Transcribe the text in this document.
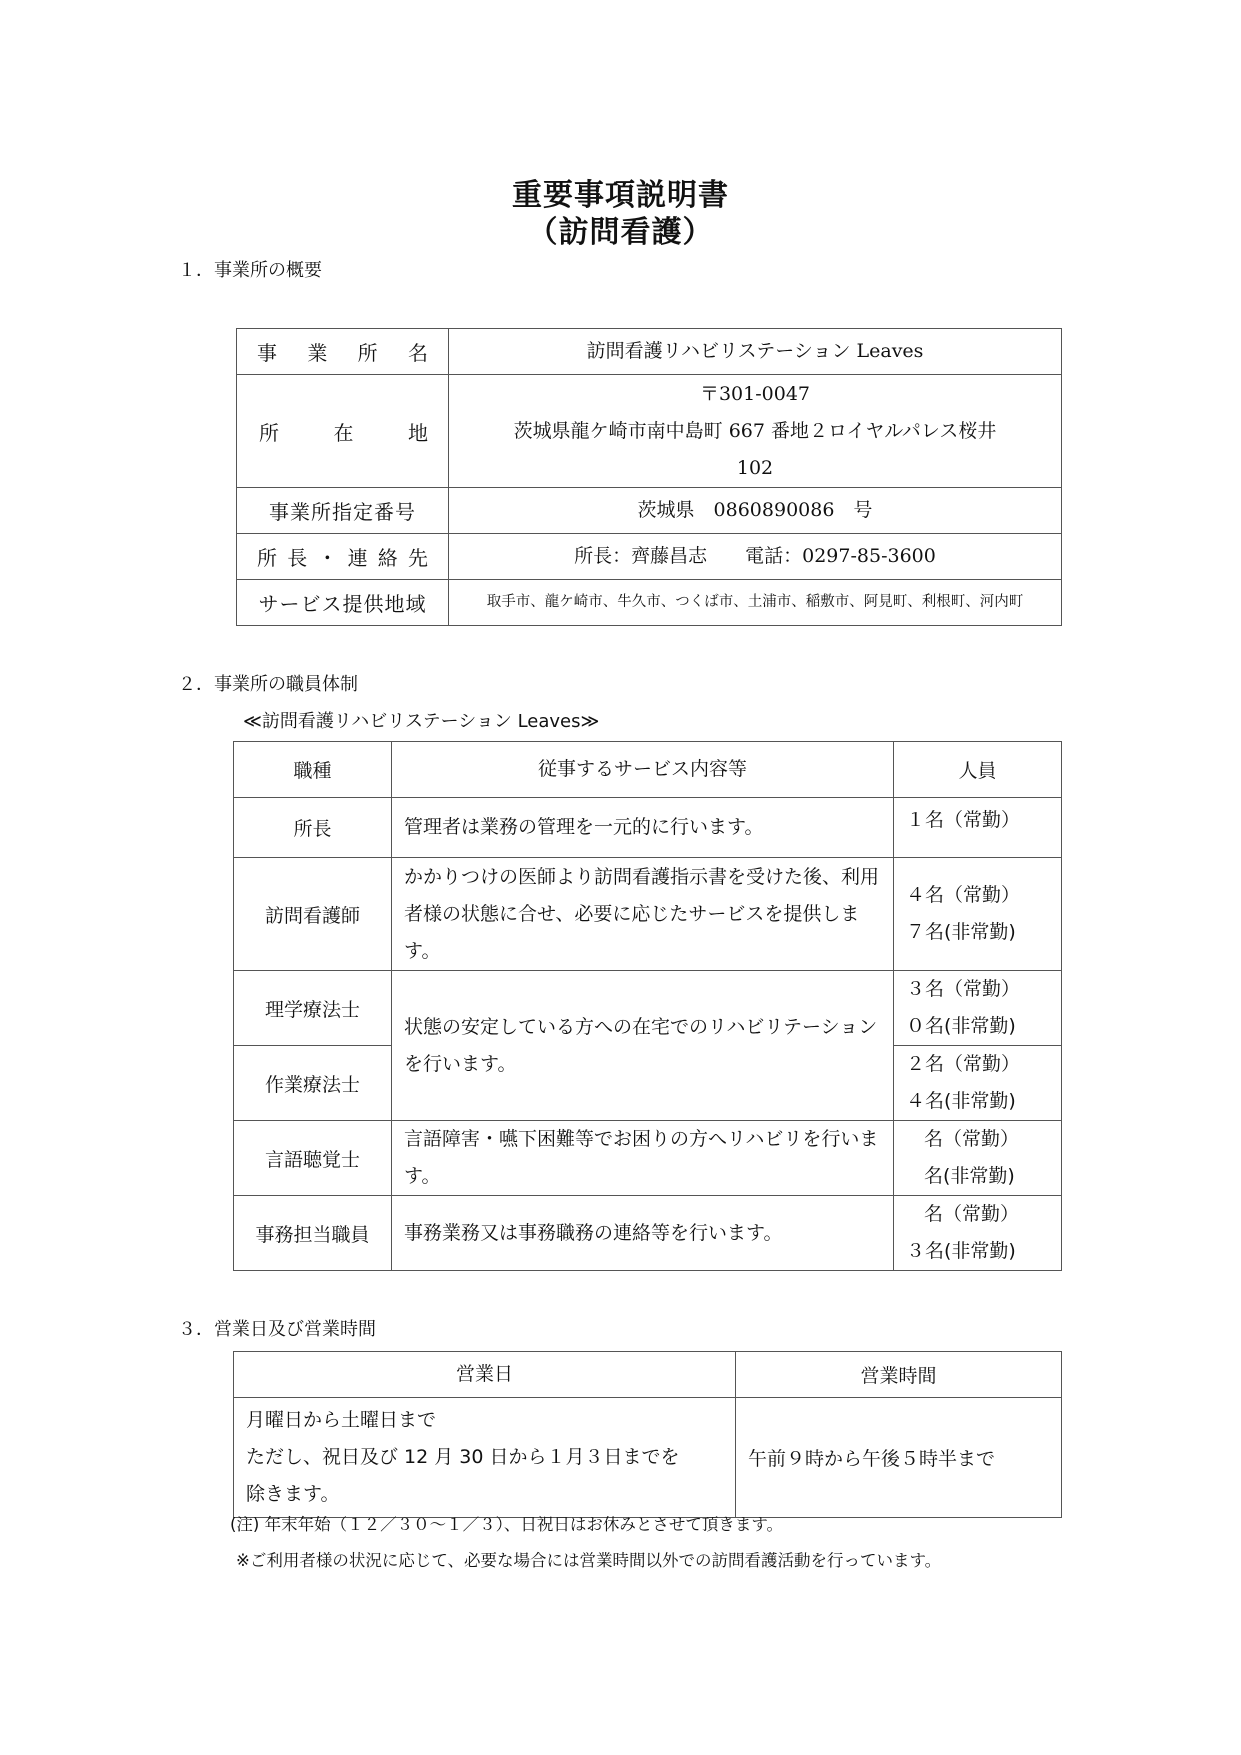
重要事項説明書
（訪問看護）
１．事業所の概要
事 業 所 名	訪問看護リハビリステーション Leaves
所 在 地	〒301-0047
茨城県龍ケ崎市南中島町 667 番地２ロイヤルパレス桜井
102

事業所指定番号	茨城県　0860890086　号
所 長 ・ 連 絡 先	所長：齊藤昌志　　電話：0297-85-3600
サービス提供地域	取手市、龍ケ崎市、牛久市、つくば市、土浦市、稲敷市、阿見町、利根町、河内町
２．事業所の職員体制
≪訪問看護リハビリステーション Leaves≫
職種	従事するサービス内容等	人員
所長	管理者は業務の管理を一元的に行います。	１名（常勤）

訪問看護師	かかりつけの医師より訪問看護指示書を受けた後、利用者様の状態に合せ、必要に応じたサービスを提供します。	４名（常勤）
７名(非常勤)

理学療法士	状態の安定している方への在宅でのリハビリテーションを行います。	３名（常勤）
０名(非常勤)

作業療法士		２名（常勤）
４名(非常勤)

言語聴覚士	言語障害・嚥下困難等でお困りの方へリハビリを行います。	名（常勤）
名(非常勤)

事務担当職員	事務業務又は事務職務の連絡等を行います。	名（常勤）
３名(非常勤)
３．営業日及び営業時間
営業日	営業時間

月曜日から土曜日まで
ただし、祝日及び 12 月 30 日から１月３日までを
除きます。	午前９時から午後５時半まで
(注) 年末年始（１２／３０～１／３）、日祝日はお休みとさせて頂きます。
※ご利用者様の状況に応じて、必要な場合には営業時間以外での訪問看護活動を行っています。
